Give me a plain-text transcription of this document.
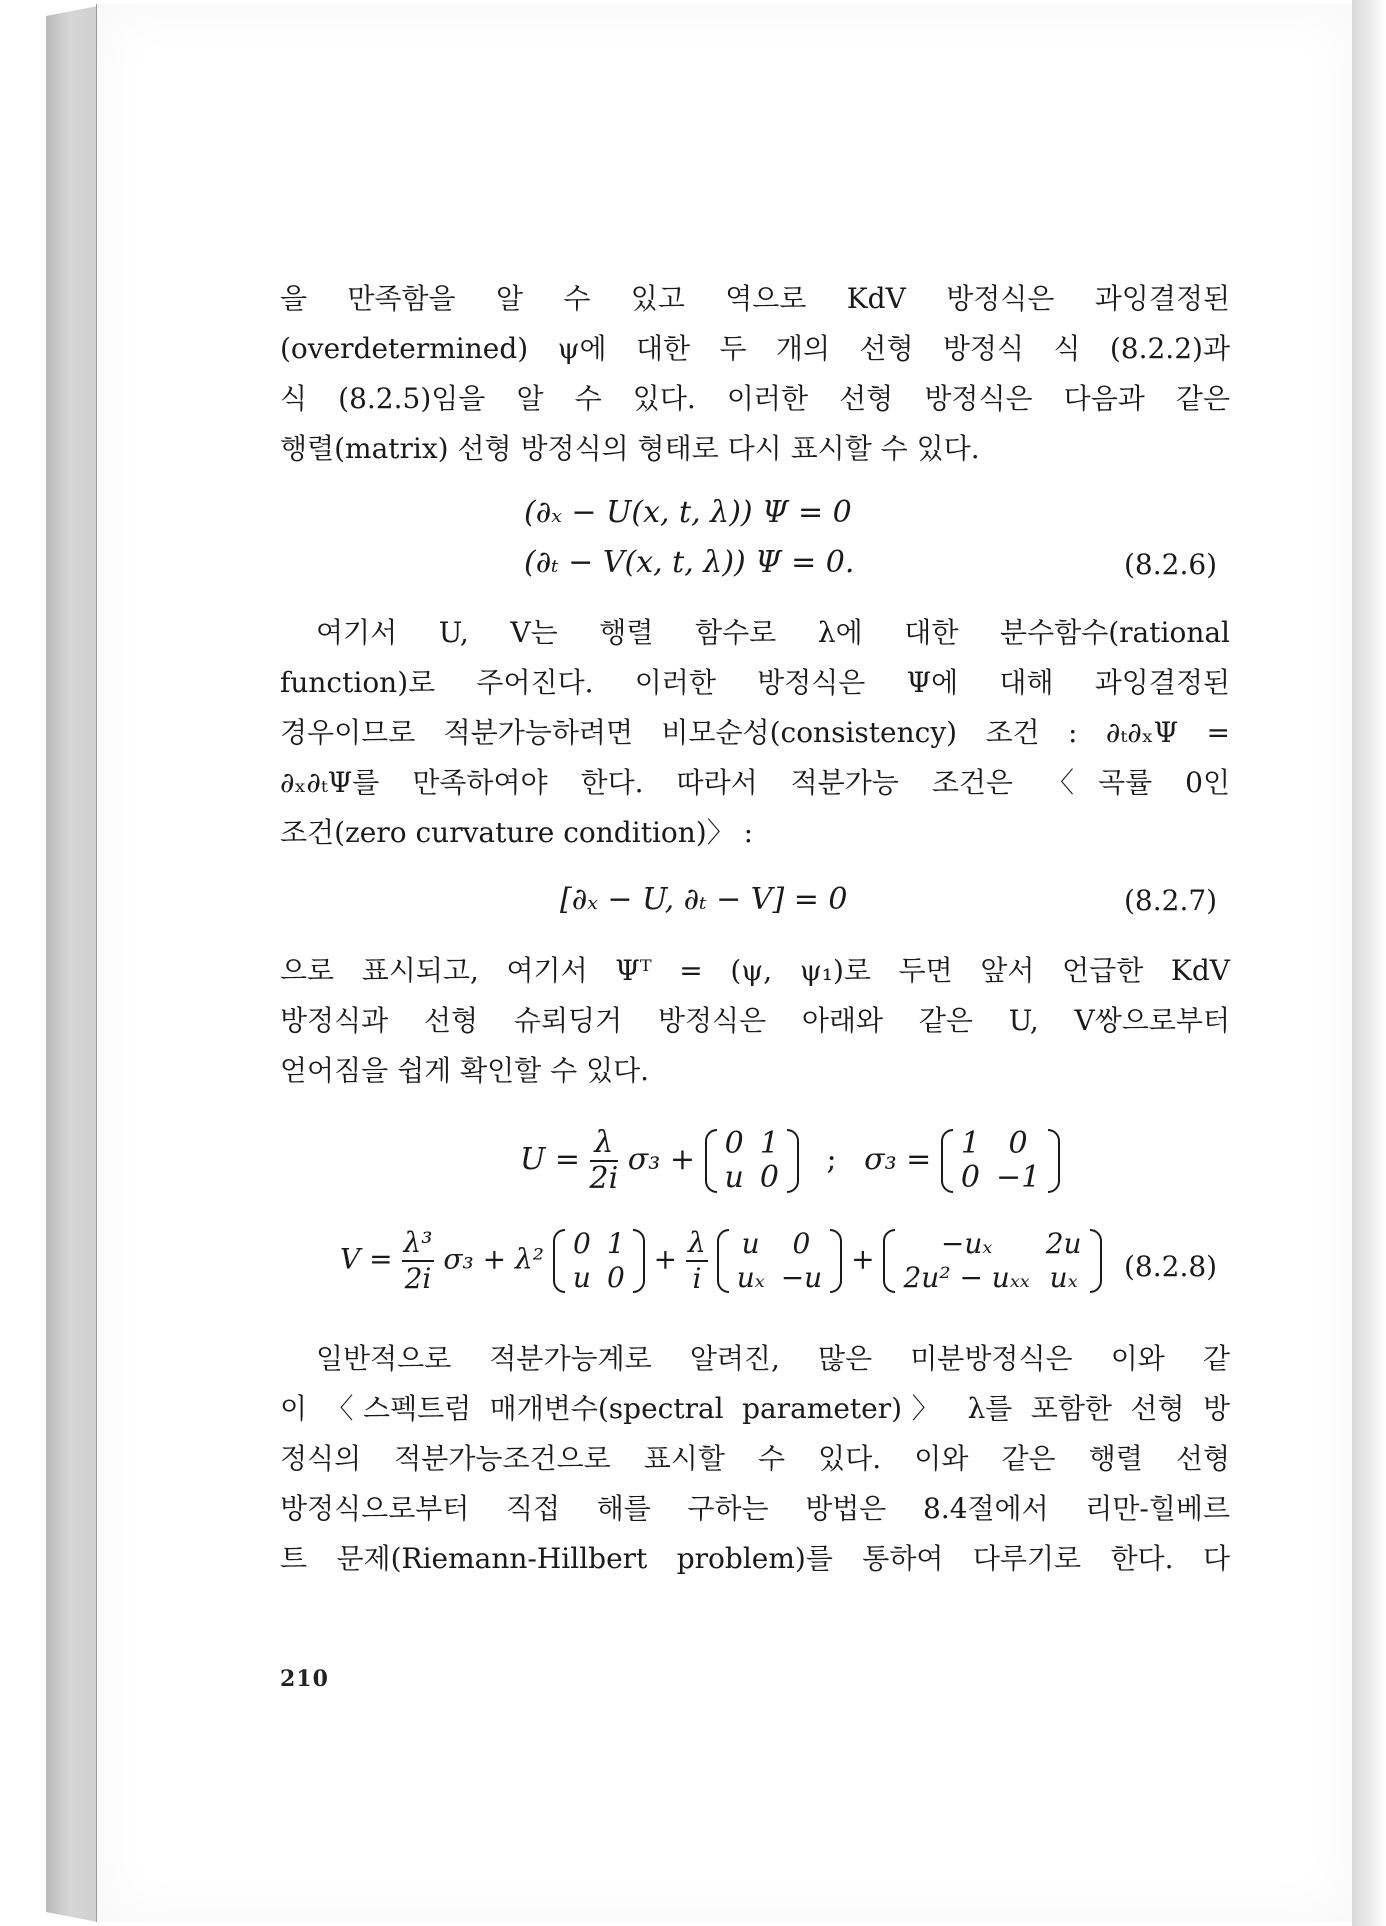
을 만족함을 알 수 있고 역으로 KdV 방정식은 과잉결정된
(overdetermined) ψ에 대한 두 개의 선형 방정식 식 (8.2.2)과
식 (8.2.5)임을 알 수 있다. 이러한 선형 방정식은 다음과 같은
행렬(matrix) 선형 방정식의 형태로 다시 표시할 수 있다.
(∂ₓ − U(x, t, λ)) Ψ = 0
(∂ₜ − V(x, t, λ)) Ψ = 0.	(8.2.6)
여기서 U, V는 행렬 함수로 λ에 대한 분수함수(rational
function)로 주어진다. 이러한 방정식은 Ψ에 대해 과잉결정된
경우이므로 적분가능하려면 비모순성(consistency) 조건 : ∂ₜ∂ₓΨ =
∂ₓ∂ₜΨ를 만족하여야 한다. 따라서 적분가능 조건은 〈곡률 0인
조건(zero curvature condition)〉 :
[∂ₓ − U, ∂ₜ − V] = 0	(8.2.7)
으로 표시되고, 여기서 Ψᵀ = (ψ, ψ₁)로 두면 앞서 언급한 KdV
방정식과 선형 슈뢰딩거 방정식은 아래와 같은 U, V쌍으로부터
얻어짐을 쉽게 확인할 수 있다.
$U = \frac{\lambda}{2i} \sigma_3 + 0$	1
u	0
; σ₃ = 1	0
0	−1
$V = \frac{\text{λ³}}{2i} \sigma_3 + \lambda^2$ 0	1
u	0
+ $\frac{\lambda}{i}$
u	0
uₓ	−u
+ −uₓ	2u
2u² − uₓₓ	uₓ (8.2.8)
일반적으로 적분가능계로 알려진, 많은 미분방정식은 이와 같
이 〈스펙트럼 매개변수(spectral parameter)〉 λ를 포함한 선형 방
정식의 적분가능조건으로 표시할 수 있다. 이와 같은 행렬 선형
방정식으로부터 직접 해를 구하는 방법은 8.4절에서 리만-힐베르
트 문제(Riemann-Hillbert problem)를 통하여 다루기로 한다. 다
210
